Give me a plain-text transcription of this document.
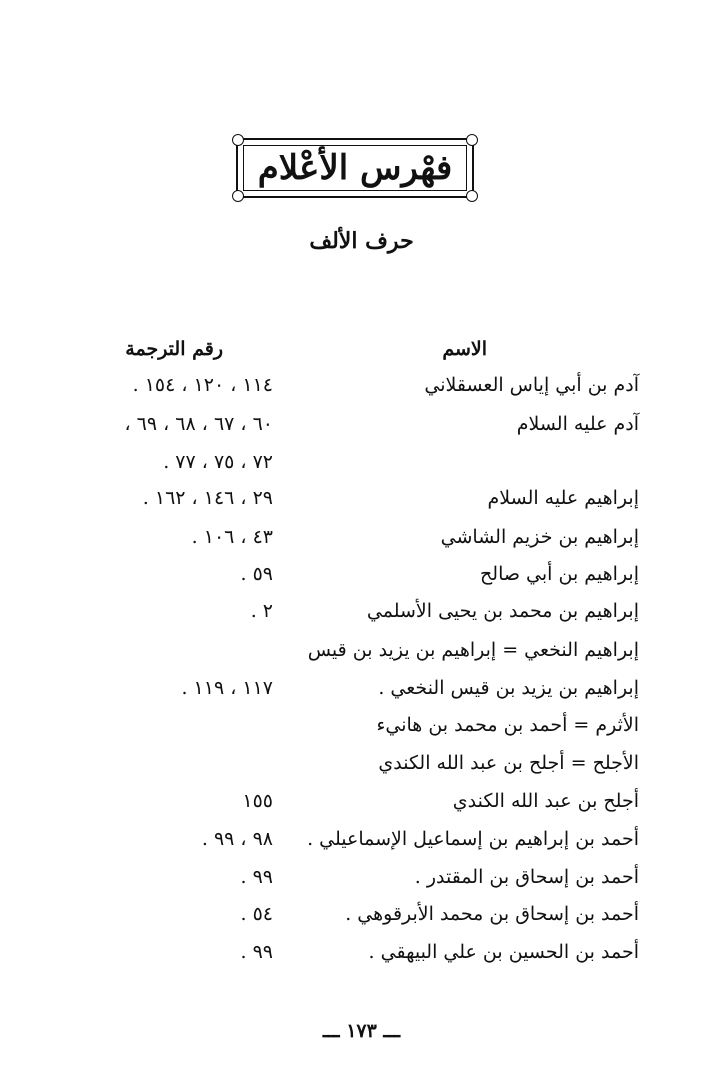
فهْرس الأعْلام
حرف الألف
الاسم
رقم الترجمة
آدم بن أبي إياس العسقلاني
١١٤ ، ١٢٠ ، ١٥٤ .
آدم عليه السلام
٦٠ ، ٦٧ ، ٦٨ ، ٦٩ ،
٧٢ ، ٧٥ ، ٧٧ .
إبراهيم عليه السلام
٢٩ ، ١٤٦ ، ١٦٢ .
إبراهيم بن خزيم الشاشي
٤٣ ، ١٠٦ .
إبراهيم بن أبي صالح
٥٩ .
إبراهيم بن محمد بن يحيى الأسلمي
٢ .
إبراهيم النخعي = إبراهيم بن يزيد بن قيس
إبراهيم بن يزيد بن قيس النخعي .
١١٧ ، ١١٩ .
الأثرم = أحمد بن محمد بن هانيء
الأجلح = أجلح بن عبد الله الكندي
أجلح بن عبد الله الكندي
١٥٥
أحمد بن إبراهيم بن إسماعيل الإسماعيلي .
٩٨ ، ٩٩ .
أحمد بن إسحاق بن المقتدر .
٩٩ .
أحمد بن إسحاق بن محمد الأبرقوهي .
٥٤ .
أحمد بن الحسين بن علي البيهقي .
٩٩ .
ـــ ١٧٣ ـــ
